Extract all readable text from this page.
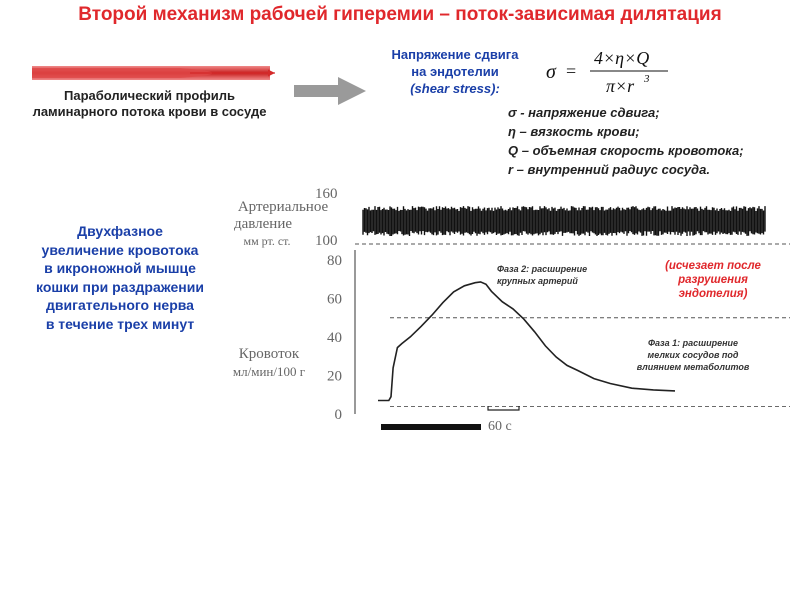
Второй механизм рабочей гиперемии – поток-зависимая дилятация
Параболический профиль
ламинарного потока крови в сосуде
Напряжение сдвига
на эндотелии
(shear stress):
σ =
4×η×Q
π×r 3
σ - напряжение сдвига;
η – вязкость крови;
Q – объемная скорость кровотока;
r – внутренний радиус сосуда.
Двухфазное
увеличение кровотока
в икроножной мышце
кошки при раздражении
двигательного нерва
в течение трех минут
Артериальное
давление
мм рт. ст.
160
100
Кровоток
мл/мин/100 г
0
20
40
60
80
60 с
Фаза 2: расширение
крупных артерий
(исчезает после
разрушения
эндотелия)
Фаза 1: расширение
мелких сосудов под
влиянием метаболитов
